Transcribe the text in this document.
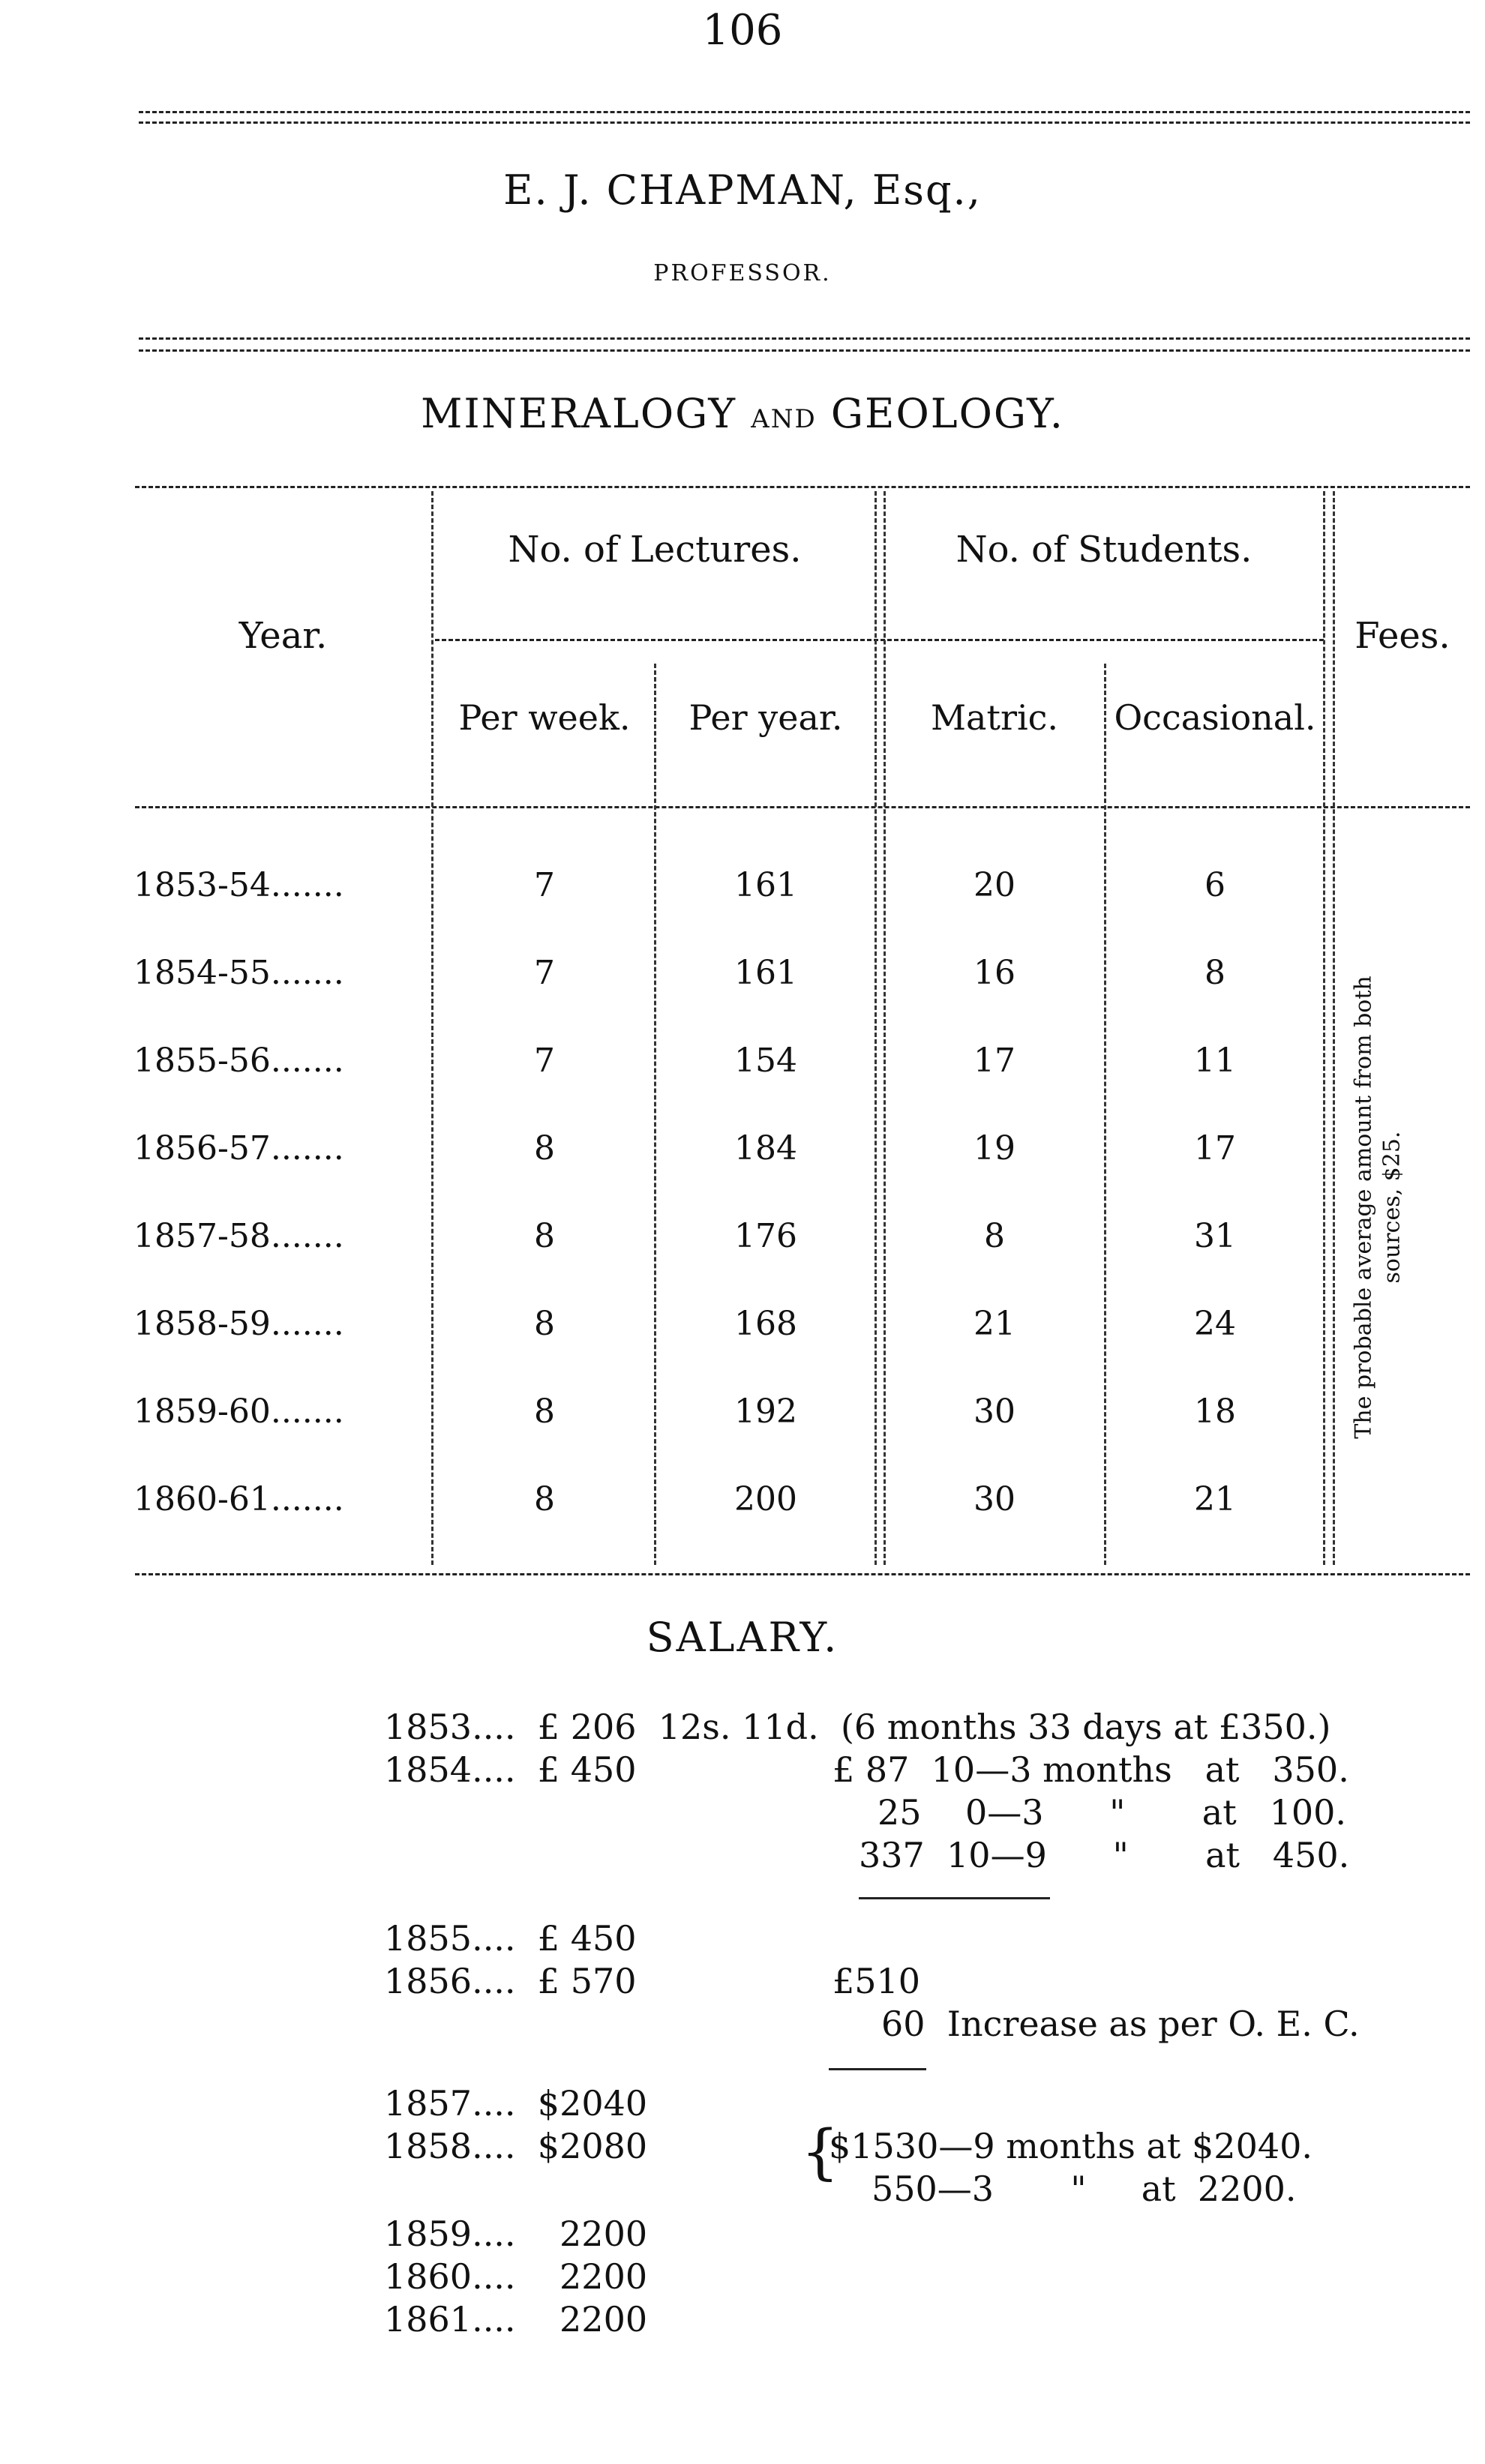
106
E. J. CHAPMAN, Esq.,
PROFESSOR.
MINERALOGY AND GEOLOGY.
Year.
No. of Lectures.	No. of Students.
Fees.
Per week.	Per year.	Matric.	Occasional.
1853-54.......	7	161	20	6
1854-55.......	7	161	16	8
1855-56.......	7	154	17	11
1856-57.......	8	184	19	17
1857-58.......	8	176	8	31
1858-59.......	8	168	21	24
1859-60.......	8	192	30	18
1860-61.......	8	200	30	21
The probable average amount from both sources, $25.
SALARY.
1853....  £ 206  12s. 11d.  (6 months 33 days at £350.)
1854....  £ 450	£ 87  10—3 months   at   350.
25    0—3      "       at   100.
337  10—9      "       at   450.
1855....  £ 450
1856....  £ 570	£510
60  Increase as per O. E. C.
1857....  $2040
1858....  $2080	{
$1530—9 months at $2040.
550—3       "     at  2200.
1859....    2200
1860....    2200
1861....    2200
